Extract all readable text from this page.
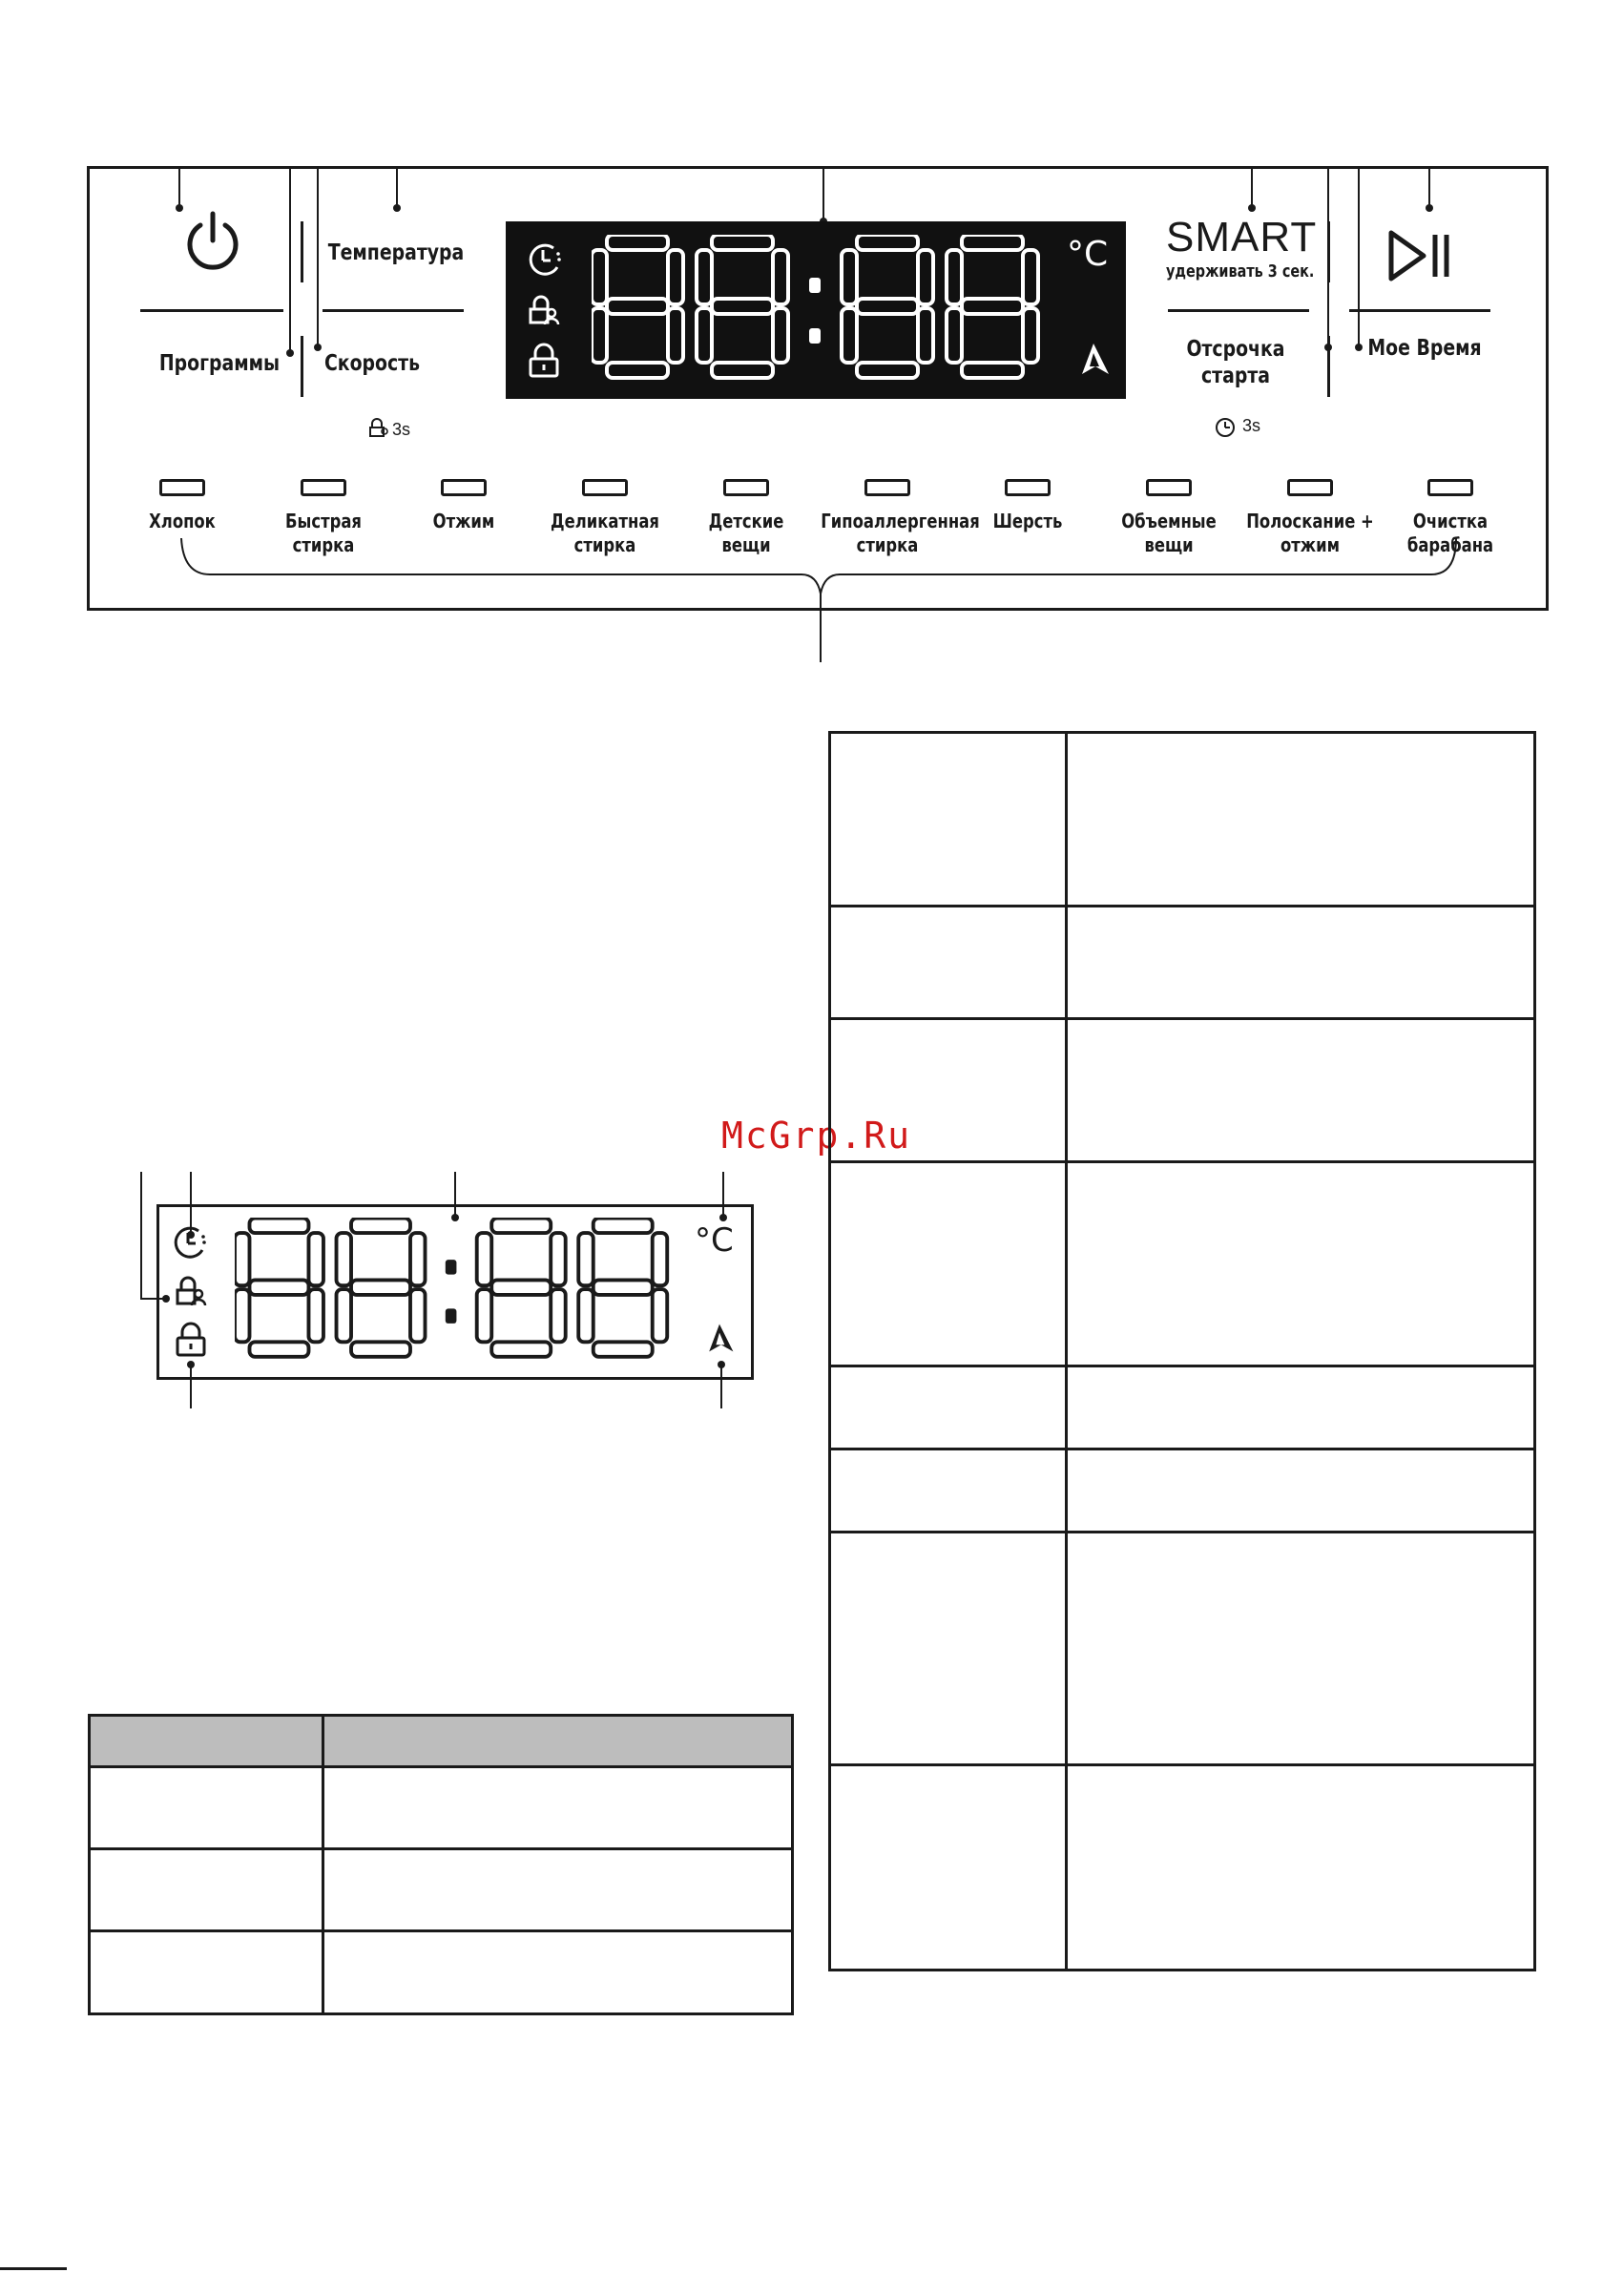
Программы
Температура
Скорость
3s
°C SMART
удерживать 3 сек.
Отсрочка
старта
3s
Мое Время
McGrp.Ru
°C
Хлопок	Быстрая
стирка
Отжим	Деликатная
стирка
Детские
вещи
Гипоаллергенная
стирка
Шерсть	Объемные
вещи
Полоскание +
отжим
Очистка
барабана
